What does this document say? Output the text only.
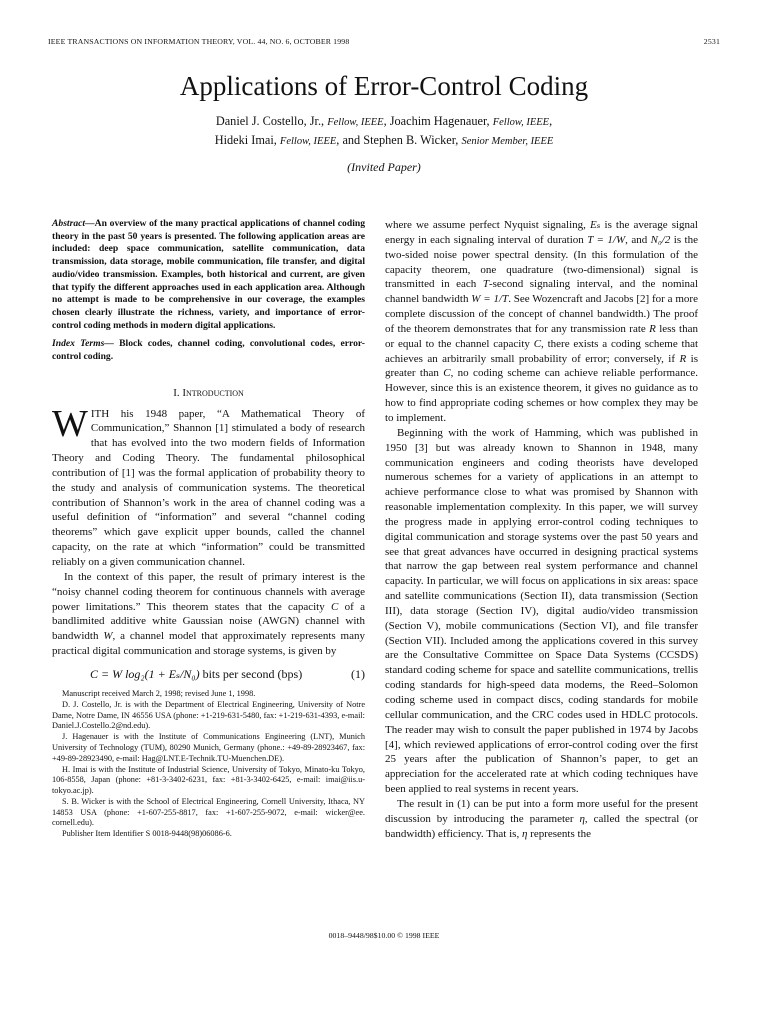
IEEE TRANSACTIONS ON INFORMATION THEORY, VOL. 44, NO. 6, OCTOBER 1998	2531
Applications of Error-Control Coding
Daniel J. Costello, Jr., Fellow, IEEE, Joachim Hagenauer, Fellow, IEEE,
Hideki Imai, Fellow, IEEE, and Stephen B. Wicker, Senior Member, IEEE
(Invited Paper)

Abstract—An overview of the many practical applications of channel coding theory in the past 50 years is presented. The following application areas are included: deep space communication, satellite communication, data transmission, data storage, mobile communication, file transfer, and digital audio/video transmission. Examples, both historical and current, are given that typify the different approaches used in each application area. Although no attempt is made to be comprehensive in our coverage, the examples chosen clearly illustrate the richness, variety, and importance of error-control coding methods in modern digital applications.

Index Terms— Block codes, channel coding, convolutional codes, error-control coding.

I. Introduction

WITH his 1948 paper, “A Mathematical Theory of Communication,” Shannon [1] stimulated a body of research that has evolved into the two modern fields of Information Theory and Coding Theory. The fundamental philosophical contribution of [1] was the formal application of probability theory to the study and analysis of communication systems. The theoretical contribution of Shannon’s work in the area of channel coding was a useful definition of “information” and several “channel coding theorems” which gave explicit upper bounds, called the channel capacity, on the rate at which “information” could be transmitted reliably on a given communication channel.

In the context of this paper, the result of primary interest is the “noisy channel coding theorem for continuous channels with average power limitations.” This theorem states that the capacity C of a bandlimited additive white Gaussian noise (AWGN) channel with bandwidth W, a channel model that approximately represents many practical digital communication and storage systems, is given by

C = W log₂(1 + Eₛ/N₀) bits per second (bps)	(1)

Manuscript received March 2, 1998; revised June 1, 1998.

D. J. Costello, Jr. is with the Department of Electrical Engineering, University of Notre Dame, Notre Dame, IN 46556 USA (phone: +1-219-631-5480, fax: +1-219-631-4393, e-mail: Daniel.J.Costello.2@nd.edu).

J. Hagenauer is with the Institute of Communications Engineering (LNT), Munich University of Technology (TUM), 80290 Munich, Germany (phone.: +49-89-28923467, fax: +49-89-28923490, e-mail: Hag@LNT.E-Technik.TU-Muenchen.DE).

H. Imai is with the Institute of Industrial Science, University of Tokyo, Minato-ku Tokyo, 106-8558, Japan (phone: +81-3-3402-6231, fax: +81-3-3402-6425, e-mail: imai@iis.u-tokyo.ac.jp).

S. B. Wicker is with the School of Electrical Engineering, Cornell University, Ithaca, NY 14853 USA (phone: +1-607-255-8817, fax: +1-607-255-9072, e-mail: wicker@ee. cornell.edu).

Publisher Item Identifier S 0018-9448(98)06086-6.

where we assume perfect Nyquist signaling, Eₛ is the average signal energy in each signaling interval of duration T = 1/W, and N₀/2 is the two-sided noise power spectral density. (In this formulation of the capacity theorem, one quadrature (two-dimensional) signal is transmitted in each T-second signaling interval, and the nominal channel bandwidth W = 1/T. See Wozencraft and Jacobs [2] for a more complete discussion of the concept of channel bandwidth.) The proof of the theorem demonstrates that for any transmission rate R less than or equal to the channel capacity C, there exists a coding scheme that achieves an arbitrarily small probability of error; conversely, if R is greater than C, no coding scheme can achieve reliable performance. However, since this is an existence theorem, it gives no guidance as to how to find appropriate coding schemes or how complex they may be to implement.

Beginning with the work of Hamming, which was published in 1950 [3] but was already known to Shannon in 1948, many communication engineers and coding theorists have developed numerous schemes for a variety of applications in an attempt to achieve performance close to what was promised by Shannon with reasonable implementation complexity. In this paper, we will survey the progress made in applying error-control coding techniques to digital communication and storage systems over the past 50 years and see that great advances have occurred in designing practical systems that narrow the gap between real system performance and channel capacity. In particular, we will focus on applications in six areas: space and satellite communications (Section II), data transmission (Section III), data storage (Section IV), digital audio/video transmission (Section V), mobile communications (Section VI), and file transfer (Section VII). Included among the applications covered in this survey are the Consultative Committee on Space Data Systems (CCSDS) standard coding scheme for space and satellite communications, trellis coding standards for high-speed data modems, the Reed–Solomon coding scheme used in compact discs, coding standards for mobile cellular communication, and the CRC codes used in HDLC protocols. The reader may wish to consult the paper published in 1974 by Jacobs [4], which reviewed applications of error-control coding over the first 25 years after the publication of Shannon’s paper, to get an appreciation for the accelerated rate at which coding techniques have been applied to real systems in recent years.

The result in (1) can be put into a form more useful for the present discussion by introducing the parameter η, called the spectral (or bandwidth) efficiency. That is, η represents the

0018–9448/98$10.00 © 1998 IEEE
